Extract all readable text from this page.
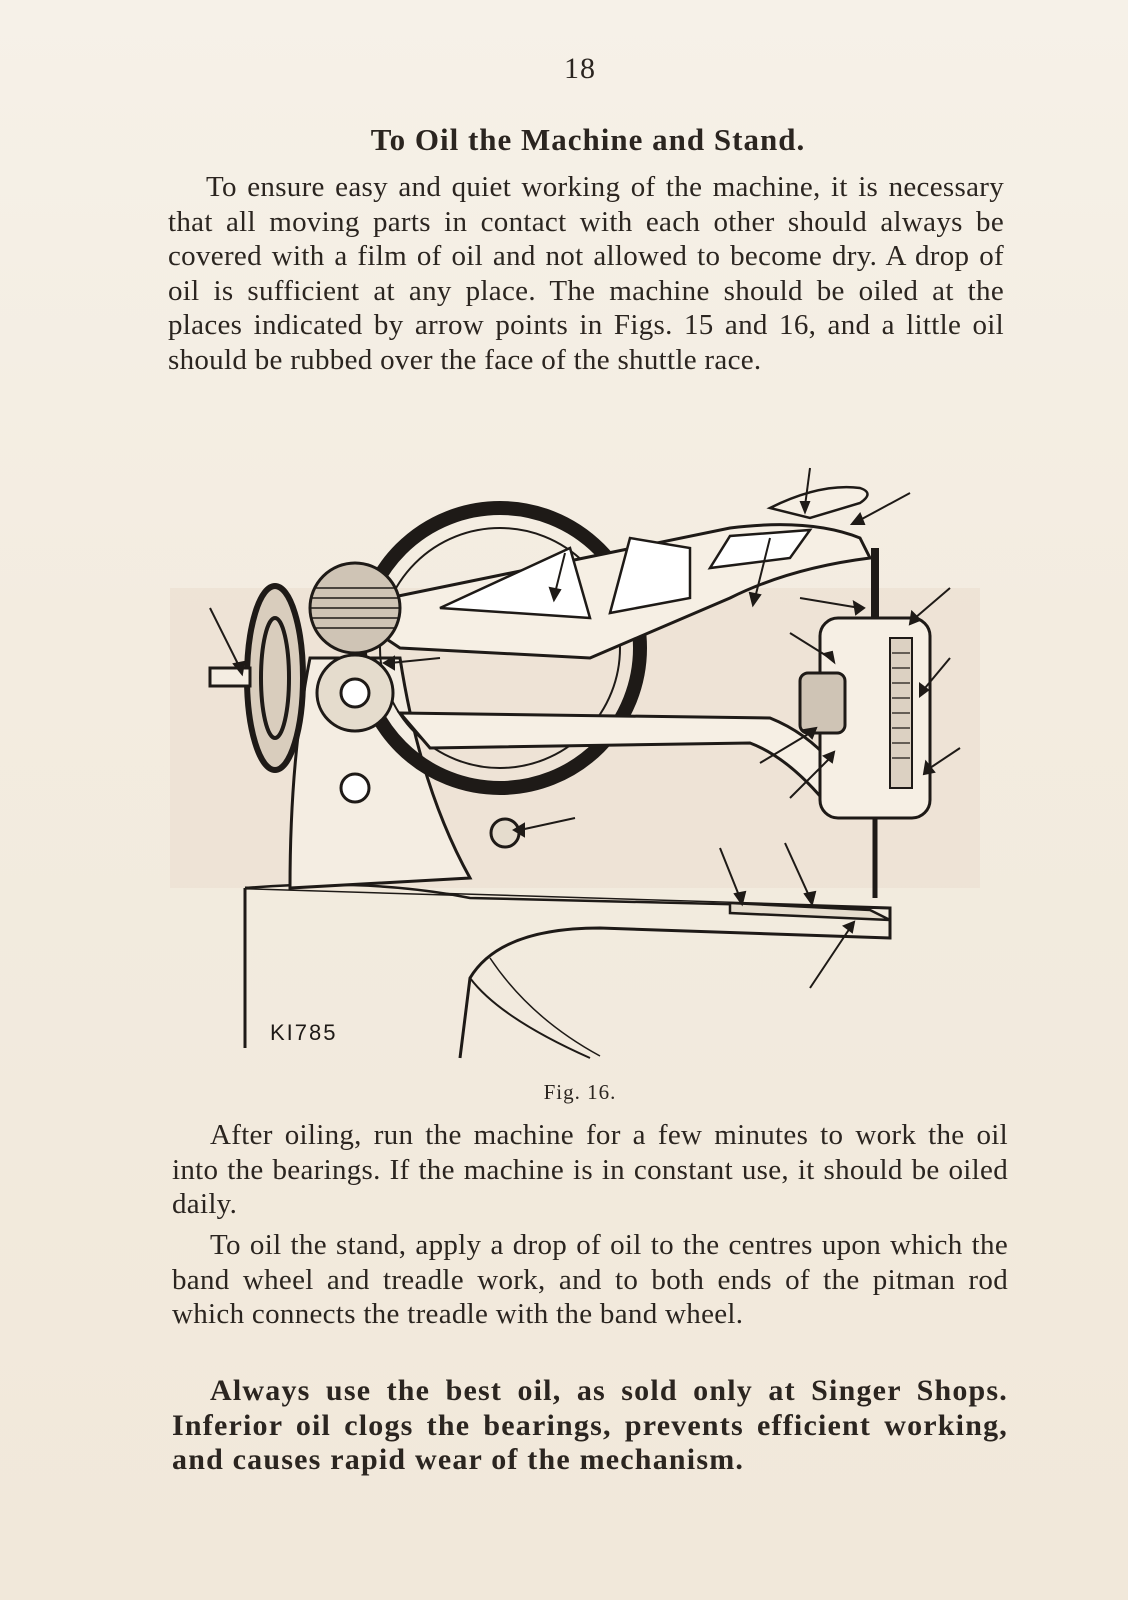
18
To Oil the Machine and Stand.

To ensure easy and quiet working of the machine, it is necessary that all moving parts in contact with each other should always be covered with a film of oil and not allowed to become dry. A drop of oil is sufficient at any place. The machine should be oiled at the places indicated by arrow points in Figs. 15 and 16, and a little oil should be rubbed over the face of the shuttle race.

KI785
Fig. 16.

After oiling, run the machine for a few minutes to work the oil into the bearings. If the machine is in constant use, it should be oiled daily.

To oil the stand, apply a drop of oil to the centres upon which the band wheel and treadle work, and to both ends of the pitman rod which connects the treadle with the band wheel.

Always use the best oil, as sold only at Singer Shops. Inferior oil clogs the bearings, prevents efficient working, and causes rapid wear of the mechanism.
